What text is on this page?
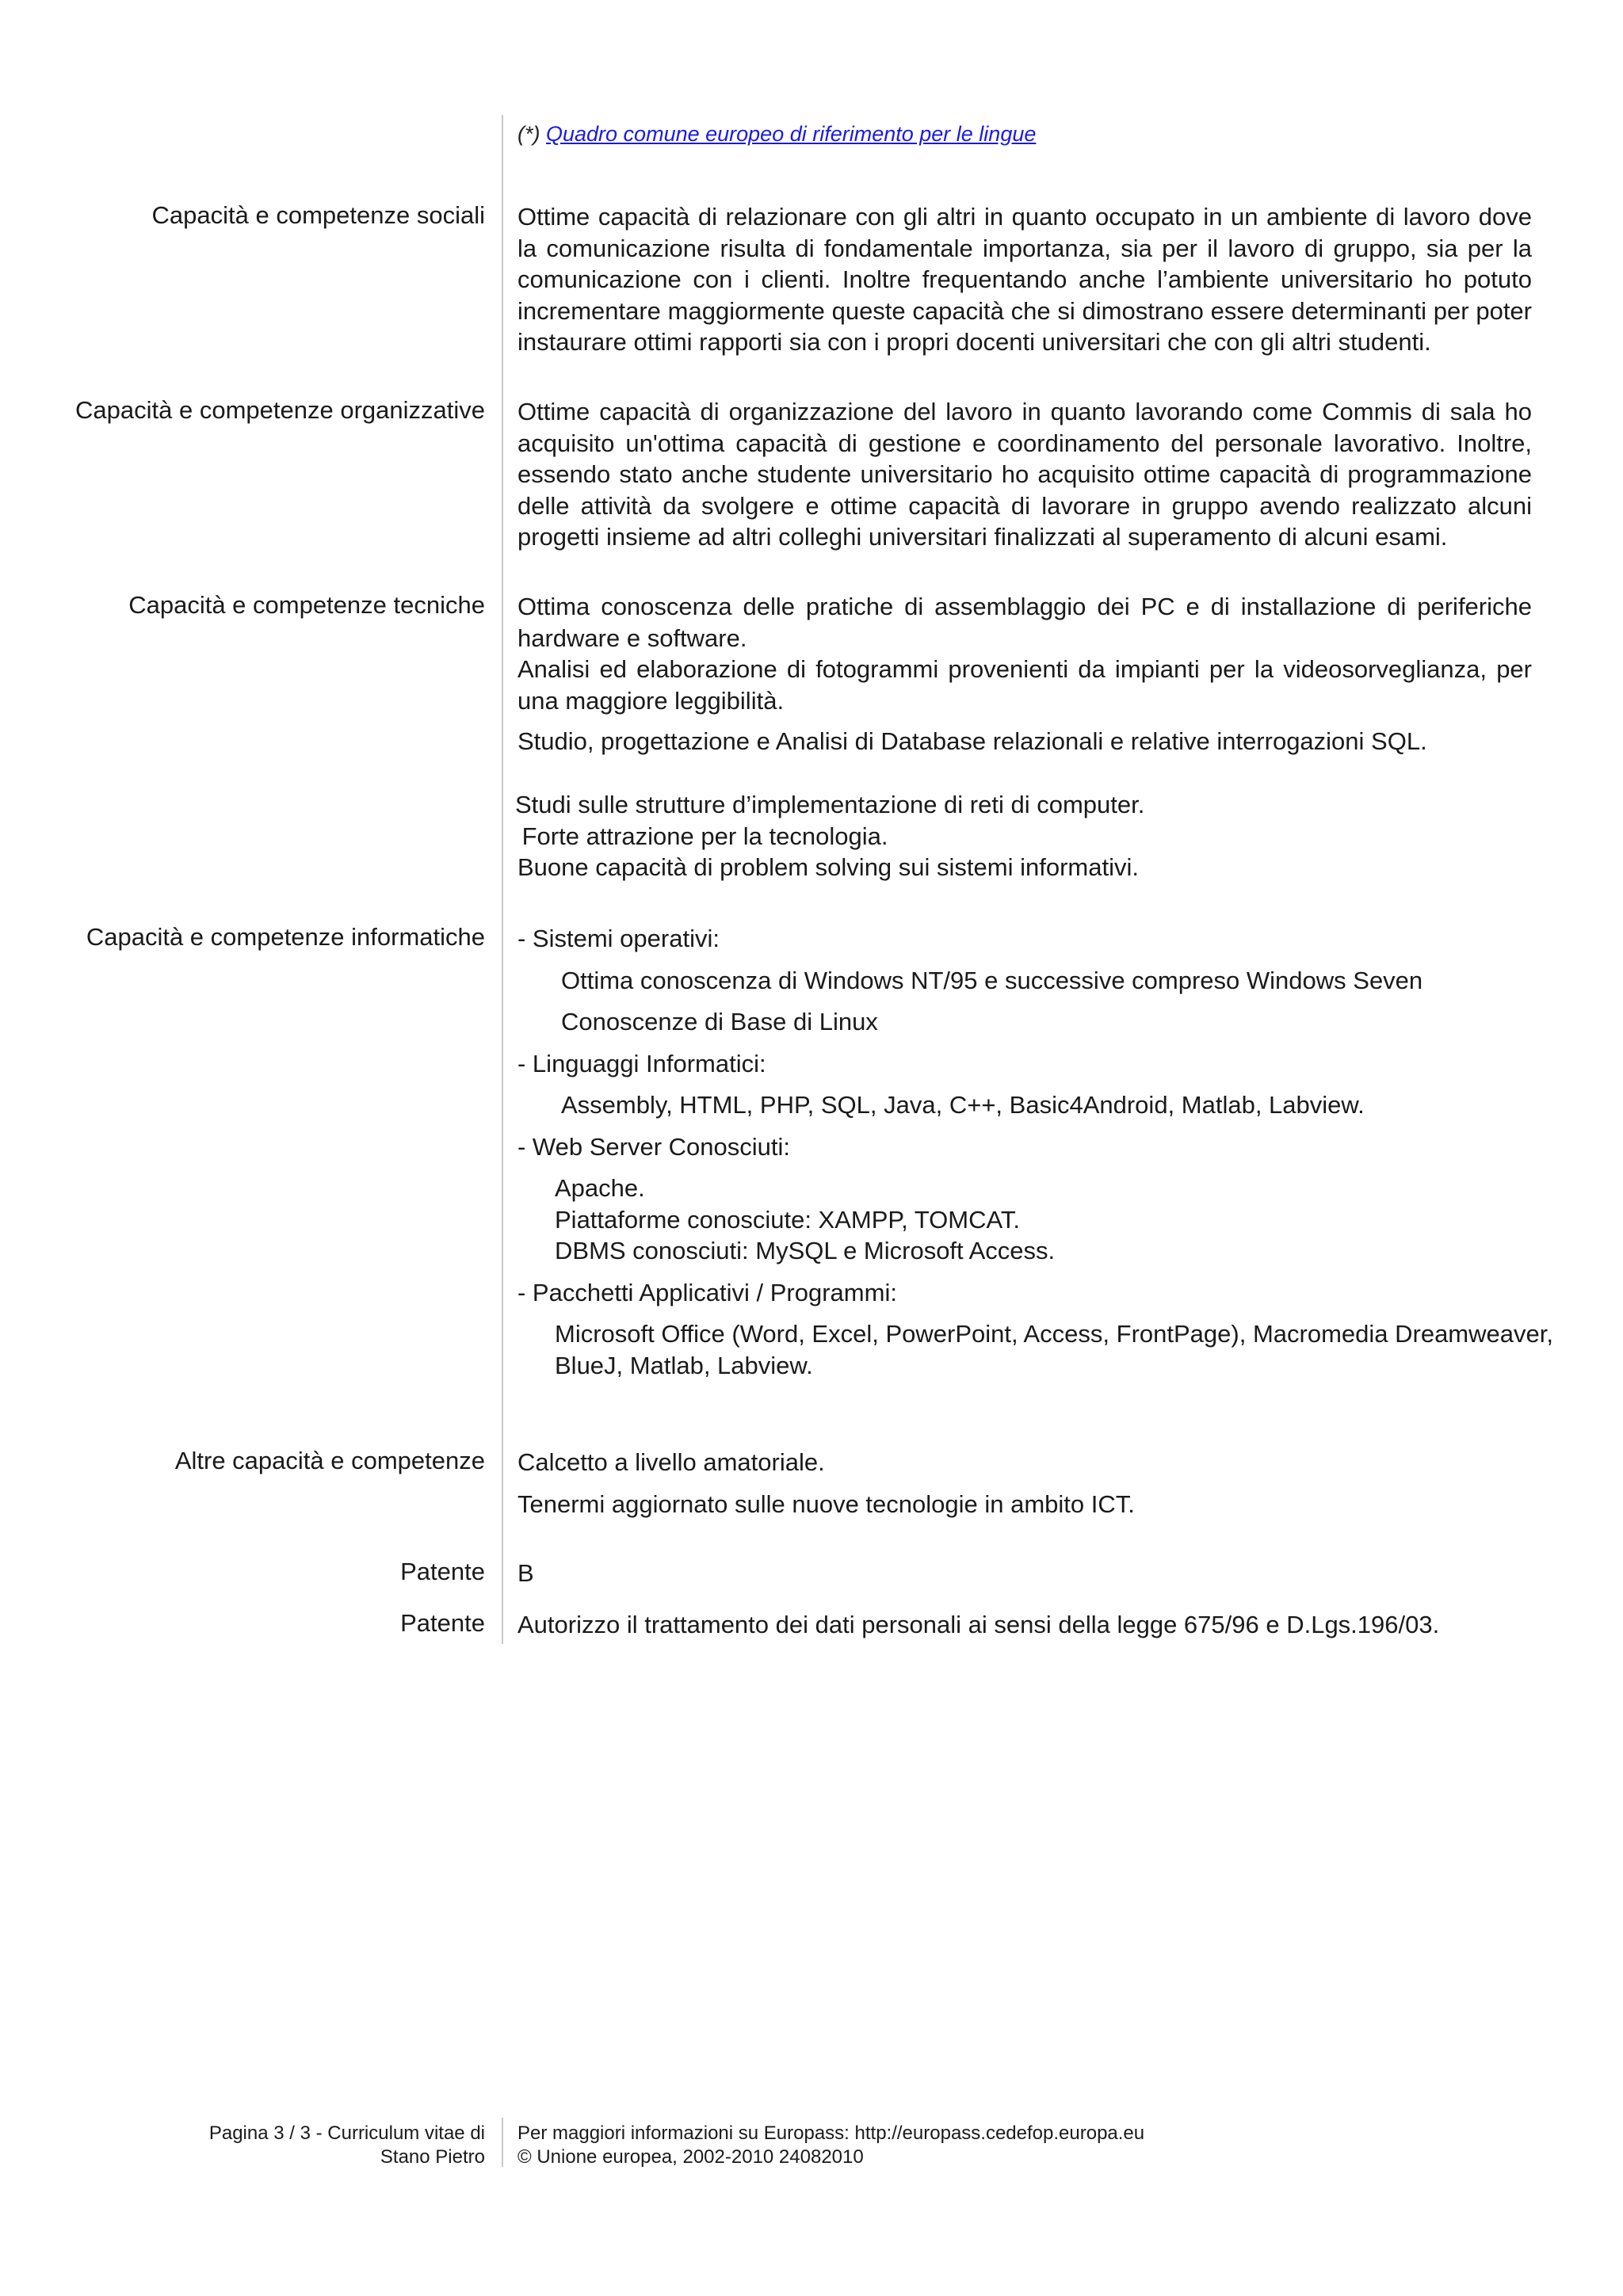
(*) Quadro comune europeo di riferimento per le lingue
Capacità e competenze sociali Ottime capacità di relazionare con gli altri in quanto occupato in un ambiente di lavoro dove la comunicazione risulta di fondamentale importanza, sia per il lavoro di gruppo, sia per la comunicazione con i clienti. Inoltre frequentando anche l’ambiente universitario ho potuto incrementare maggiormente queste capacità che si dimostrano essere determinanti per poter instaurare ottimi rapporti sia con i propri docenti universitari che con gli altri studenti.
Capacità e competenze organizzative Ottime capacità di organizzazione del lavoro in quanto lavorando come Commis di sala ho acquisito un'ottima capacità di gestione e coordinamento del personale lavorativo. Inoltre, essendo stato anche studente universitario ho acquisito ottime capacità di programmazione delle attività da svolgere e ottime capacità di lavorare in gruppo avendo realizzato alcuni progetti insieme ad altri colleghi universitari finalizzati al superamento di alcuni esami.
Capacità e competenze tecniche Ottima conoscenza delle pratiche di assemblaggio dei PC e di installazione di periferiche hardware e software.

Analisi ed elaborazione di fotogrammi provenienti da impianti per la videosorveglianza, per una maggiore leggibilità.

Studio, progettazione e Analisi di Database relazionali e relative interrogazioni SQL.

Studi sulle strutture d’implementazione di reti di computer.

Forte attrazione per la tecnologia.

Buone capacità di problem solving sui sistemi informativi.

Capacità e competenze informatiche - Sistemi operativi:

Ottima conoscenza di Windows NT/95 e successive compreso Windows Seven

Conoscenze di Base di Linux

- Linguaggi Informatici:

Assembly, HTML, PHP, SQL, Java, C++, Basic4Android, Matlab, Labview.

- Web Server Conosciuti:

Apache.

Piattaforme conosciute: XAMPP, TOMCAT.

DBMS conosciuti: MySQL e Microsoft Access.

- Pacchetti Applicativi / Programmi:

Microsoft Office (Word, Excel, PowerPoint, Access, FrontPage), Macromedia Dreamweaver,

BlueJ, Matlab, Labview.

Altre capacità e competenze Calcetto a livello amatoriale.

Tenermi aggiornato sulle nuove tecnologie in ambito ICT.

Patente B
Patente Autorizzo il trattamento dei dati personali ai sensi della legge 675/96 e D.Lgs.196/03.
Pagina 3 / 3 - Curriculum vitae di
Stano Pietro
Per maggiori informazioni su Europass: http://europass.cedefop.europa.eu
© Unione europea, 2002-2010 24082010
